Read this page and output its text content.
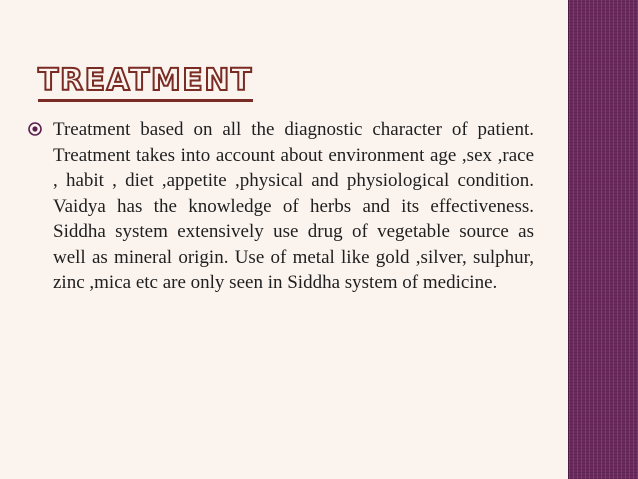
TREATMENT

Treatment based on all the diagnostic character of patient. Treatment takes into account about environment age ,sex ,race , habit , diet ,appetite ,physical and physiological condition. Vaidya has the knowledge of herbs and its effectiveness. Siddha system extensively use drug of vegetable source as well as mineral origin. Use of metal like gold ,silver, sulphur, zinc ,mica etc are only seen in Siddha system of medicine.
